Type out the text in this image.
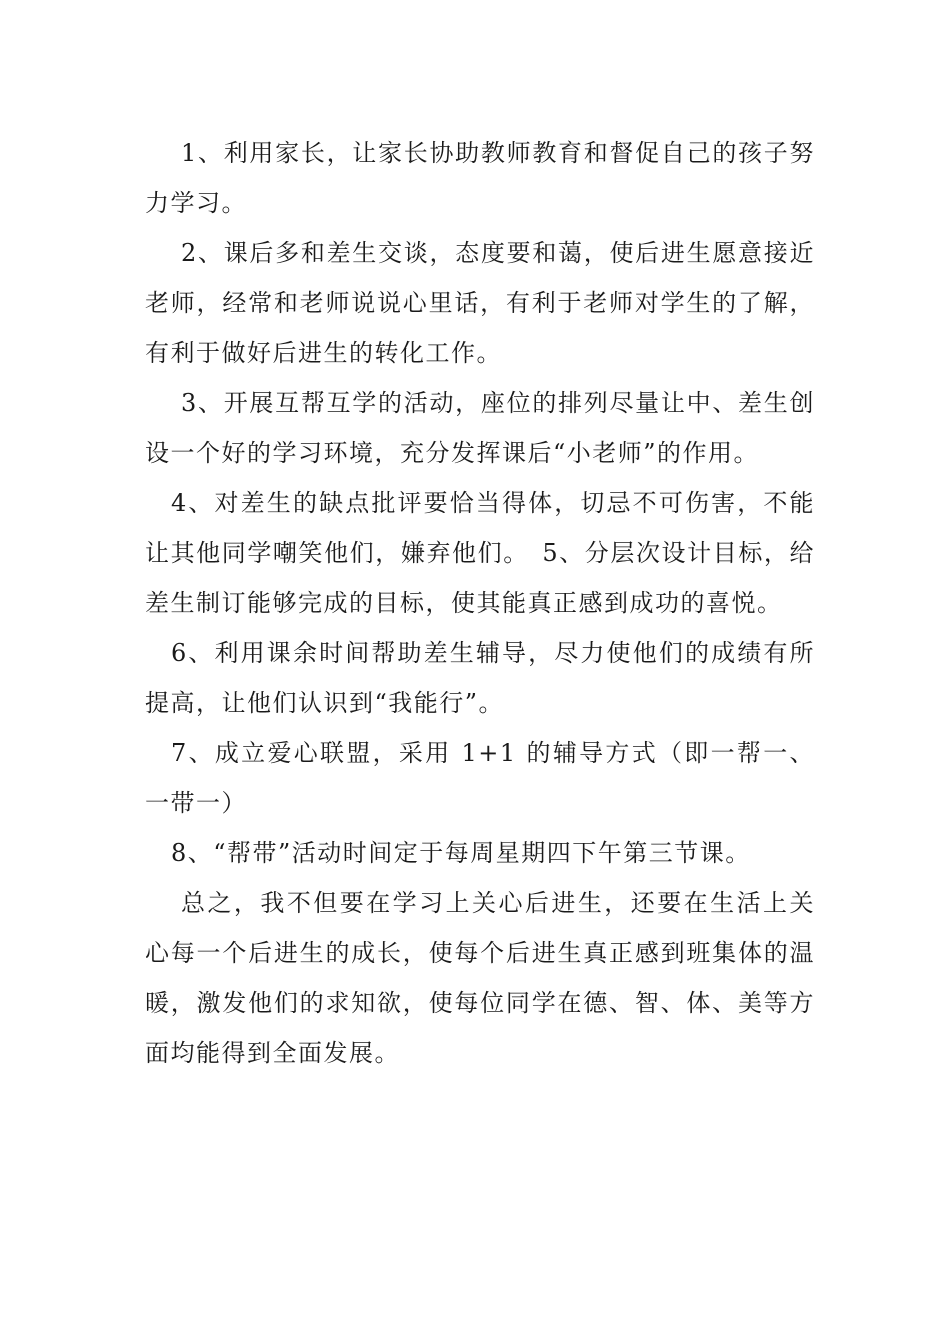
1、利用家长，让家长协助教师教育和督促自己的孩子努力学习。

2、课后多和差生交谈，态度要和蔼，使后进生愿意接近老师，经常和老师说说心里话，有利于老师对学生的了解，有利于做好后进生的转化工作。

3、开展互帮互学的活动，座位的排列尽量让中、差生创设一个好的学习环境，充分发挥课后“小老师”的作用。

4、对差生的缺点批评要恰当得体，切忌不可伤害，不能让其他同学嘲笑他们，嫌弃他们。　5、分层次设计目标，给差生制订能够完成的目标，使其能真正感到成功的喜悦。

6、利用课余时间帮助差生辅导，尽力使他们的成绩有所提高，让他们认识到“我能行”。

7、成立爱心联盟，采用 1+1 的辅导方式（即一帮一、一带一）

8、“帮带”活动时间定于每周星期四下午第三节课。

总之，我不但要在学习上关心后进生，还要在生活上关心每一个后进生的成长，使每个后进生真正感到班集体的温暖，激发他们的求知欲，使每位同学在德、智、体、美等方面均能得到全面发展。
